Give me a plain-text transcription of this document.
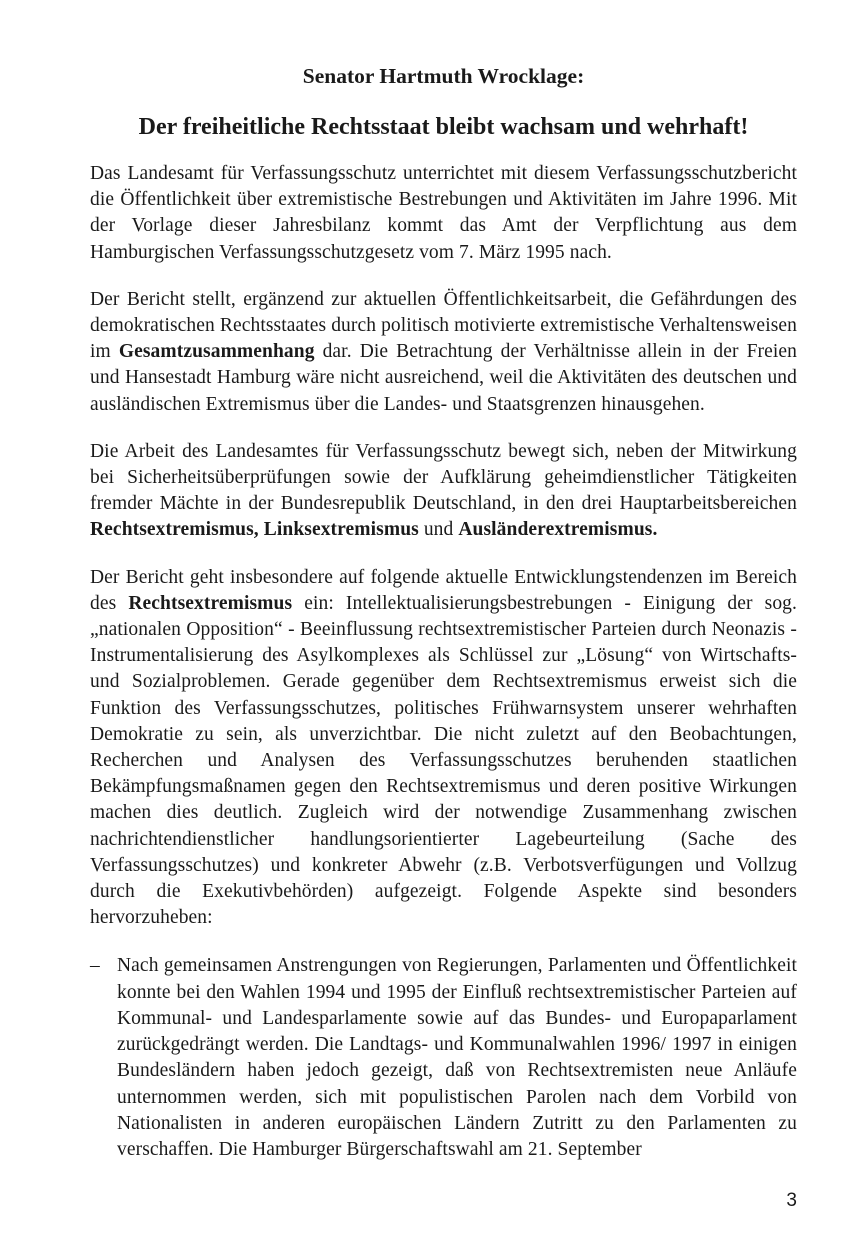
Senator Hartmuth Wrocklage:
Der freiheitliche Rechtsstaat bleibt wachsam und wehrhaft!

Das Landesamt für Verfassungsschutz unterrichtet mit diesem Verfassungsschutzbericht die Öffentlichkeit über extremistische Bestrebungen und Aktivitäten im Jahre 1996. Mit der Vorlage dieser Jahresbilanz kommt das Amt der Verpflichtung aus dem Hamburgischen Verfassungsschutzgesetz vom 7. März 1995 nach.

Der Bericht stellt, ergänzend zur aktuellen Öffentlichkeitsarbeit, die Gefährdungen des demokratischen Rechtsstaates durch politisch motivierte extremistische Verhaltensweisen im Gesamtzusammenhang dar. Die Betrachtung der Verhältnisse allein in der Freien und Hansestadt Hamburg wäre nicht ausreichend, weil die Aktivitäten des deutschen und ausländischen Extremismus über die Landes- und Staatsgrenzen hinausgehen.

Die Arbeit des Landesamtes für Verfassungsschutz bewegt sich, neben der Mitwirkung bei Sicherheitsüberprüfungen sowie der Aufklärung geheimdienstlicher Tätigkeiten fremder Mächte in der Bundesrepublik Deutschland, in den drei Hauptarbeitsbereichen Rechtsextremismus, Linksextremismus und Ausländerextremismus.

Der Bericht geht insbesondere auf folgende aktuelle Entwicklungstendenzen im Bereich des Rechtsextremismus ein: Intellektualisierungsbestrebungen - Einigung der sog. „nationalen Opposition“ - Beeinflussung rechtsextremistischer Parteien durch Neonazis - Instrumentalisierung des Asylkomplexes als Schlüssel zur „Lösung“ von Wirtschafts- und Sozialproblemen. Gerade gegenüber dem Rechtsextremismus erweist sich die Funktion des Verfassungsschutzes, politisches Frühwarnsystem unserer wehrhaften Demokratie zu sein, als unverzichtbar. Die nicht zuletzt auf den Beobachtungen, Recherchen und Analysen des Verfassungsschutzes beruhenden staatlichen Bekämpfungsmaßnamen gegen den Rechtsextremismus und deren positive Wirkungen machen dies deutlich. Zugleich wird der notwendige Zusammenhang zwischen nachrichtendienstlicher handlungsorientierter Lagebeurteilung (Sache des Verfassungsschutzes) und konkreter Abwehr (z.B. Verbotsverfügungen und Vollzug durch die Exekutivbehörden) aufgezeigt. Folgende Aspekte sind besonders hervorzuheben:

– Nach gemeinsamen Anstrengungen von Regierungen, Parlamenten und Öffentlichkeit konnte bei den Wahlen 1994 und 1995 der Einfluß rechtsextremistischer Parteien auf Kommunal- und Landesparlamente sowie auf das Bundes- und Europaparlament zurückgedrängt werden. Die Landtags- und Kommunalwahlen 1996/ 1997 in einigen Bundesländern haben jedoch gezeigt, daß von Rechtsextremisten neue Anläufe unternommen werden, sich mit populistischen Parolen nach dem Vorbild von Nationalisten in anderen europäischen Ländern Zutritt zu den Parlamenten zu verschaffen. Die Hamburger Bürgerschaftswahl am 21. September

3
